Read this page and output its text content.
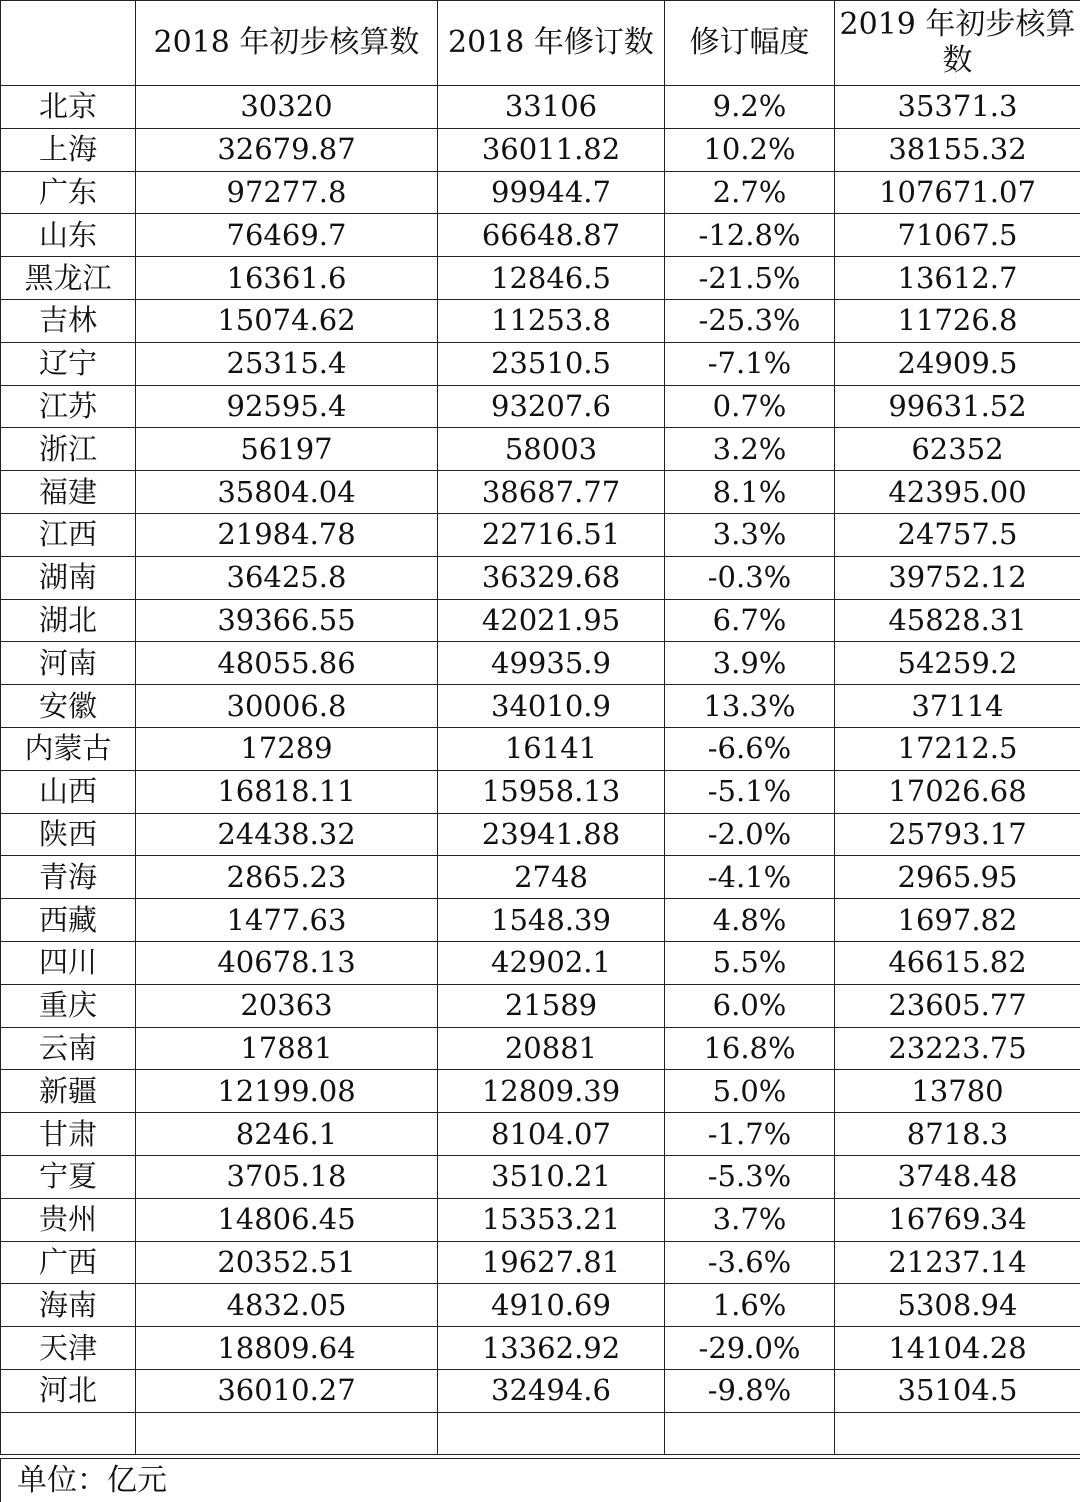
	2018 年初步核算数	2018 年修订数	修订幅度	2019 年初步核算数
北京	30320	33106	9.2%	35371.3
上海	32679.87	36011.82	10.2%	38155.32
广东	97277.8	99944.7	2.7%	107671.07
山东	76469.7	66648.87	-12.8%	71067.5
黑龙江	16361.6	12846.5	-21.5%	13612.7
吉林	15074.62	11253.8	-25.3%	11726.8
辽宁	25315.4	23510.5	-7.1%	24909.5
江苏	92595.4	93207.6	0.7%	99631.52
浙江	56197	58003	3.2%	62352
福建	35804.04	38687.77	8.1%	42395.00
江西	21984.78	22716.51	3.3%	24757.5
湖南	36425.8	36329.68	-0.3%	39752.12
湖北	39366.55	42021.95	6.7%	45828.31
河南	48055.86	49935.9	3.9%	54259.2
安徽	30006.8	34010.9	13.3%	37114
内蒙古	17289	16141	-6.6%	17212.5
山西	16818.11	15958.13	-5.1%	17026.68
陕西	24438.32	23941.88	-2.0%	25793.17
青海	2865.23	2748	-4.1%	2965.95
西藏	1477.63	1548.39	4.8%	1697.82
四川	40678.13	42902.1	5.5%	46615.82
重庆	20363	21589	6.0%	23605.77
云南	17881	20881	16.8%	23223.75
新疆	12199.08	12809.39	5.0%	13780
甘肃	8246.1	8104.07	-1.7%	8718.3
宁夏	3705.18	3510.21	-5.3%	3748.48
贵州	14806.45	15353.21	3.7%	16769.34
广西	20352.51	19627.81	-3.6%	21237.14
海南	4832.05	4910.69	1.6%	5308.94
天津	18809.64	13362.92	-29.0%	14104.28
河北	36010.27	32494.6	-9.8%	35104.5

单位：亿元
